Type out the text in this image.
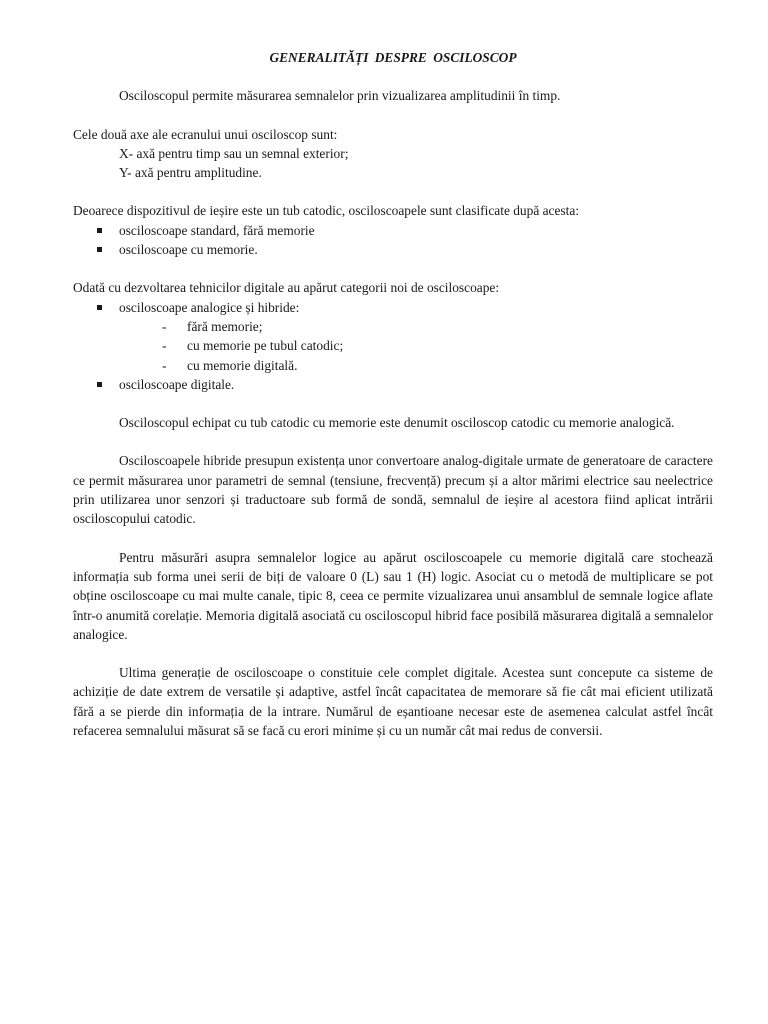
GENERALITĂȚI DESPRE OSCILOSCOP

Osciloscopul permite măsurarea semnalelor prin vizualizarea amplitudinii în timp.

Cele două axe ale ecranului unui osciloscop sunt:

X- axă pentru timp sau un semnal exterior;

Y- axă pentru amplitudine.

Deoarece dispozitivul de ieșire este un tub catodic, osciloscoapele sunt clasificate după acesta:

osciloscoape standard, fără memorie
osciloscoape cu memorie.

Odată cu dezvoltarea tehnicilor digitale au apărut categorii noi de osciloscoape:

osciloscoape analogice și hibride:
- fără memorie;
- cu memorie pe tubul catodic;
- cu memorie digitală.
osciloscoape digitale.

Osciloscopul echipat cu tub catodic cu memorie este denumit osciloscop catodic cu memorie analogică.

Osciloscoapele hibride presupun existența unor convertoare analog-digitale urmate de generatoare de caractere ce permit măsurarea unor parametri de semnal (tensiune, frecvență) precum și a altor mărimi electrice sau neelectrice prin utilizarea unor senzori și traductoare sub formă de sondă, semnalul de ieșire al acestora fiind aplicat intrării osciloscopului catodic.

Pentru măsurări asupra semnalelor logice au apărut osciloscoapele cu memorie digitală care stochează informația sub forma unei serii de biți de valoare 0 (L) sau 1 (H) logic. Asociat cu o metodă de multiplicare se pot obține osciloscoape cu mai multe canale, tipic 8, ceea ce permite vizualizarea unui ansamblul de semnale logice aflate într-o anumită corelație. Memoria digitală asociată cu osciloscopul hibrid face posibilă măsurarea digitală a semnalelor analogice.

Ultima generație de osciloscoape o constituie cele complet digitale. Acestea sunt concepute ca sisteme de achiziție de date extrem de versatile și adaptive, astfel încât capacitatea de memorare să fie cât mai eficient utilizată fără a se pierde din informația de la intrare. Numărul de eșantioane necesar este de asemenea calculat astfel încât refacerea semnalului măsurat să se facă cu erori minime și cu un număr cât mai redus de conversii.
